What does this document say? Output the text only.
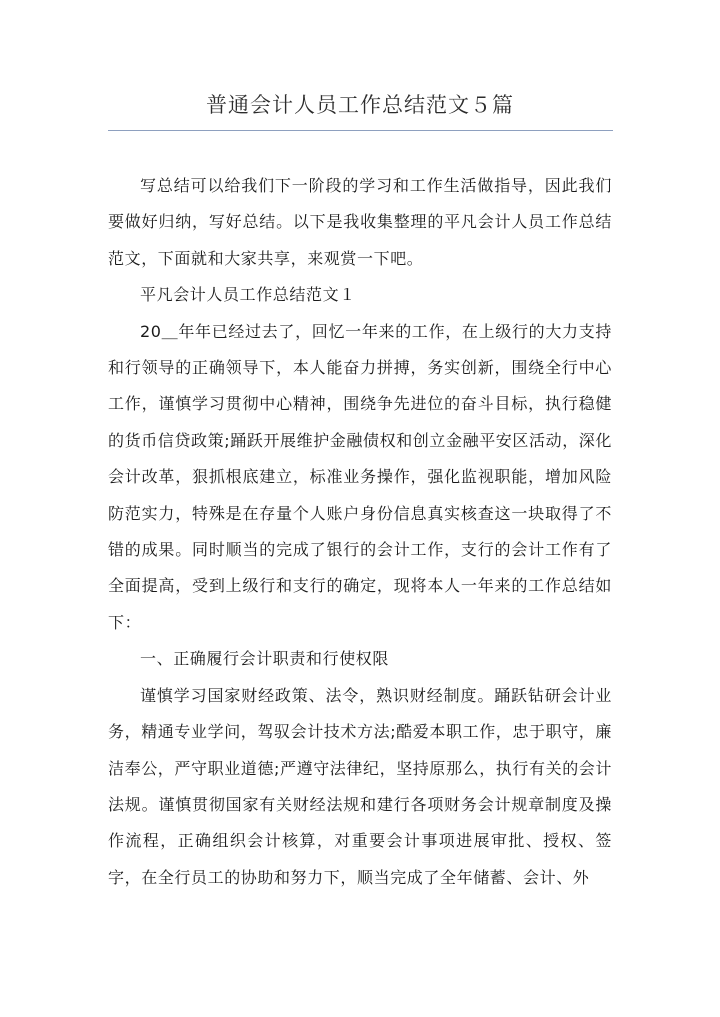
普通会计人员工作总结范文５篇

写总结可以给我们下一阶段的学习和工作生活做指导，因此我们要做好归纳，写好总结。以下是我收集整理的平凡会计人员工作总结范文，下面就和大家共享，来观赏一下吧。

平凡会计人员工作总结范文１

20＿年年已经过去了，回忆一年来的工作，在上级行的大力支持和行领导的正确领导下，本人能奋力拼搏，务实创新，围绕全行中心工作，谨慎学习贯彻中心精神，围绕争先进位的奋斗目标，执行稳健的货币信贷政策;踊跃开展维护金融债权和创立金融平安区活动，深化会计改革，狠抓根底建立，标准业务操作，强化监视职能，增加风险防范实力，特殊是在存量个人账户身份信息真实核查这一块取得了不错的成果。同时顺当的完成了银行的会计工作，支行的会计工作有了全面提高，受到上级行和支行的确定，现将本人一年来的工作总结如下：

一、正确履行会计职责和行使权限

谨慎学习国家财经政策、法令，熟识财经制度。踊跃钻研会计业务，精通专业学问，驾驭会计技术方法;酷爱本职工作，忠于职守，廉洁奉公，严守职业道德;严遵守法律纪，坚持原那么，执行有关的会计法规。谨慎贯彻国家有关财经法规和建行各项财务会计规章制度及操作流程，正确组织会计核算，对重要会计事项进展审批、授权、签字，在全行员工的协助和努力下，顺当完成了全年储蓄、会计、外
